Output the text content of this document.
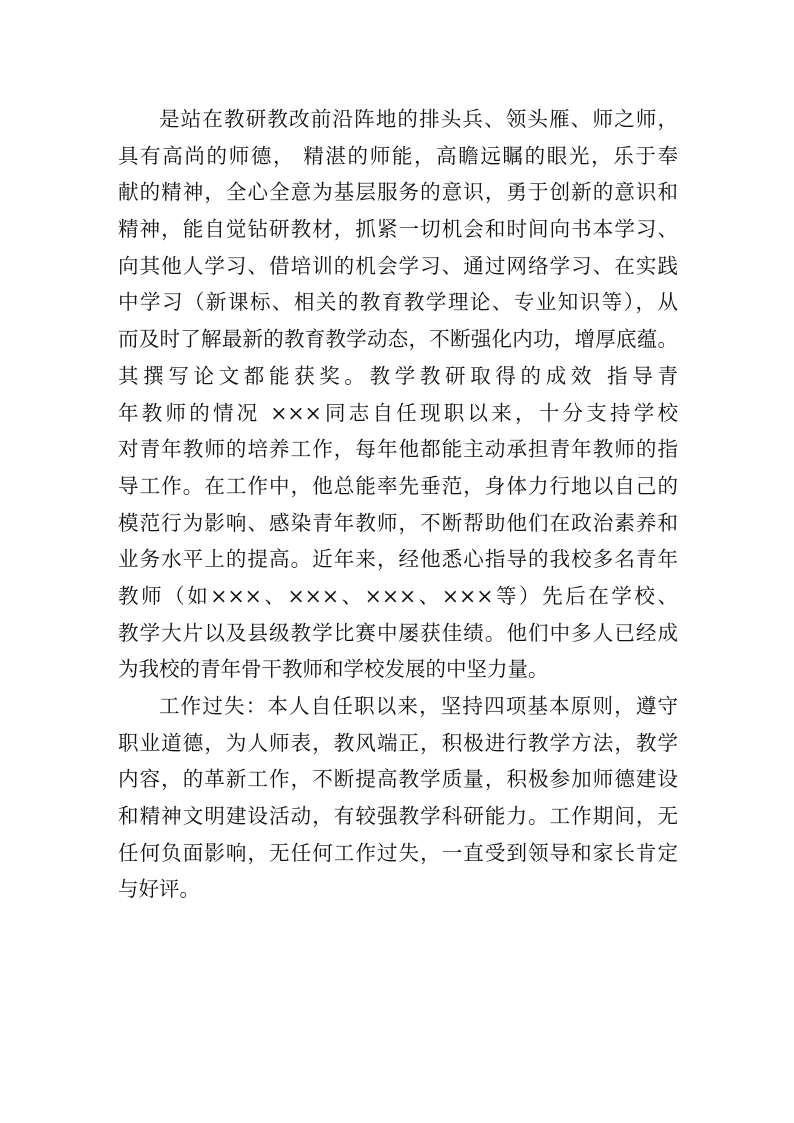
是站在教研教改前沿阵地的排头兵、领头雁、师之师，
具有高尚的师德， 精湛的师能，高瞻远瞩的眼光，乐于奉
献的精神，全心全意为基层服务的意识，勇于创新的意识和
精神，能自觉钻研教材，抓紧一切机会和时间向书本学习、
向其他人学习、借培训的机会学习、通过网络学习、在实践
中学习（新课标、相关的教育教学理论、专业知识等），从
而及时了解最新的教育教学动态，不断强化内功，增厚底蕴。
其撰写论文都能获奖。教学教研取得的成效 指导青
年教师的情况 ×××同志自任现职以来，十分支持学校
对青年教师的培养工作，每年他都能主动承担青年教师的指
导工作。在工作中，他总能率先垂范，身体力行地以自己的
模范行为影响、感染青年教师，不断帮助他们在政治素养和
业务水平上的提高。近年来，经他悉心指导的我校多名青年
教师（如×××、×××、×××、×××等）先后在学校、
教学大片以及县级教学比赛中屡获佳绩。他们中多人已经成
为我校的青年骨干教师和学校发展的中坚力量。
工作过失：本人自任职以来，坚持四项基本原则，遵守
职业道德，为人师表，教风端正，积极进行教学方法，教学
内容，的革新工作，不断提高教学质量，积极参加师德建设
和精神文明建设活动，有较强教学科研能力。工作期间，无
任何负面影响，无任何工作过失，一直受到领导和家长肯定
与好评。
